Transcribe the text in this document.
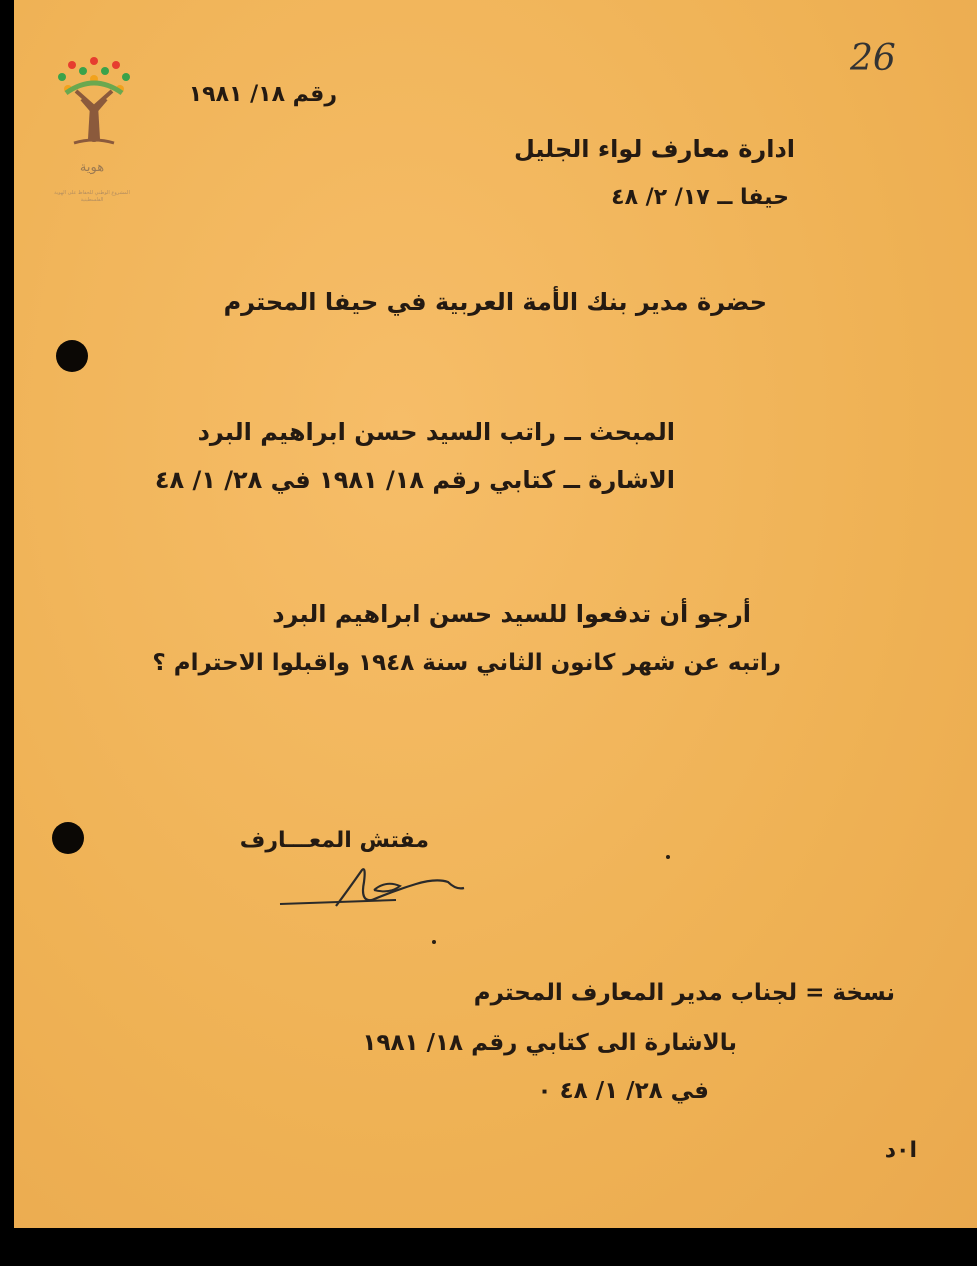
هوية
المشروع الوطني للحفاظ على الهوية الفلسطينية
26
رقم ١٨/ ١٩٨١
ادارة معارف لواء الجليل
حيفا ــ ١٧/ ٢/ ٤٨
حضرة مدير بنك الأمة العربية في حيفا المحترم
المبحث ــ راتب السيد حسن ابراهيم البرد
الاشارة ــ كتابي رقم ١٨/ ١٩٨١ في ٢٨/ ١/ ٤٨
أرجو أن تدفعوا للسيد حسن ابراهيم البرد
راتبه عن شهر كانون الثاني سنة ١٩٤٨ واقبلوا الاحترام ؟
مفتش المعـــارف
نسخة = لجناب مدير المعارف المحترم
بالاشارة الى كتابي رقم ١٨/ ١٩٨١
في ٢٨/ ١/ ٤٨ ٠
ا٠د
